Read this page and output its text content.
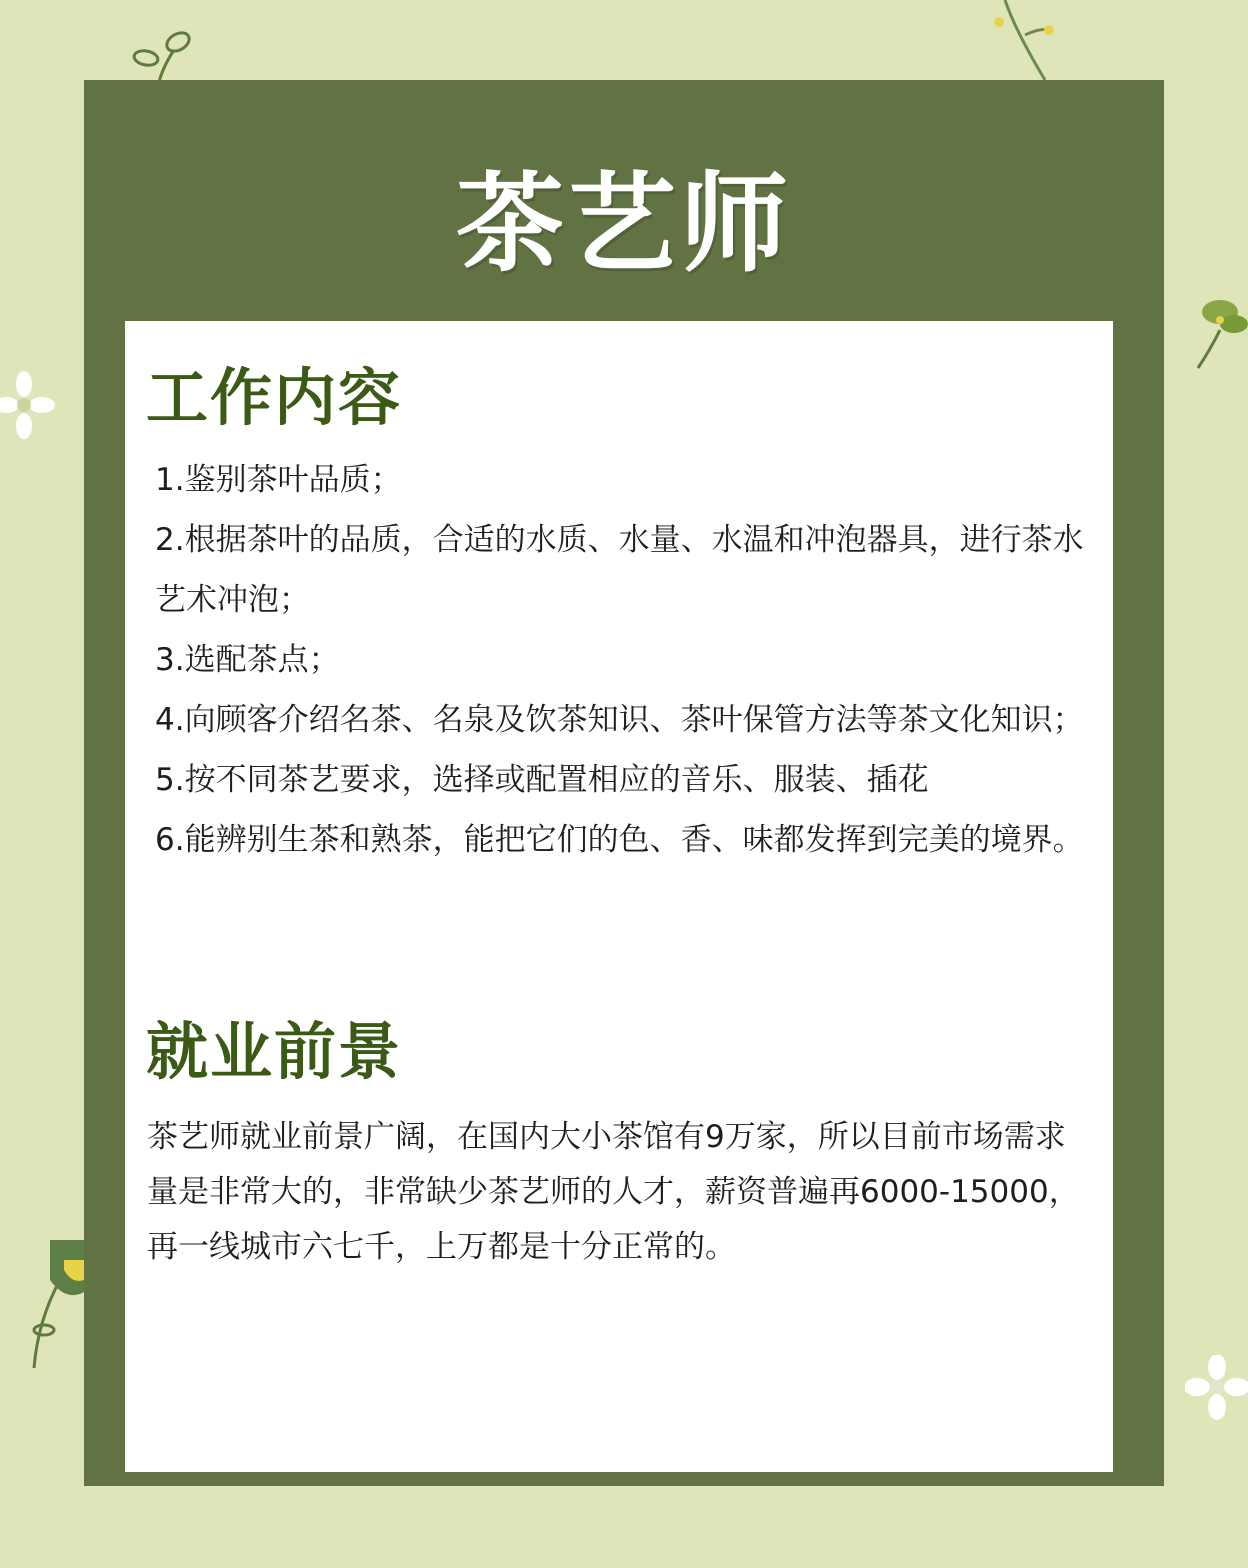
茶艺师
工作内容
1.鉴别茶叶品质；
2.根据茶叶的品质，合适的水质、水量、水温和冲泡器具，进行茶水艺术冲泡；
3.选配茶点；
4.向顾客介绍名茶、名泉及饮茶知识、茶叶保管方法等茶文化知识；
5.按不同茶艺要求，选择或配置相应的音乐、服装、插花
6.能辨别生茶和熟茶，能把它们的色、香、味都发挥到完美的境界。
就业前景
茶艺师就业前景广阔，在国内大小茶馆有9万家，所以目前市场需求量是非常大的，非常缺少茶艺师的人才，薪资普遍再6000-15000，再一线城市六七千，上万都是十分正常的。
